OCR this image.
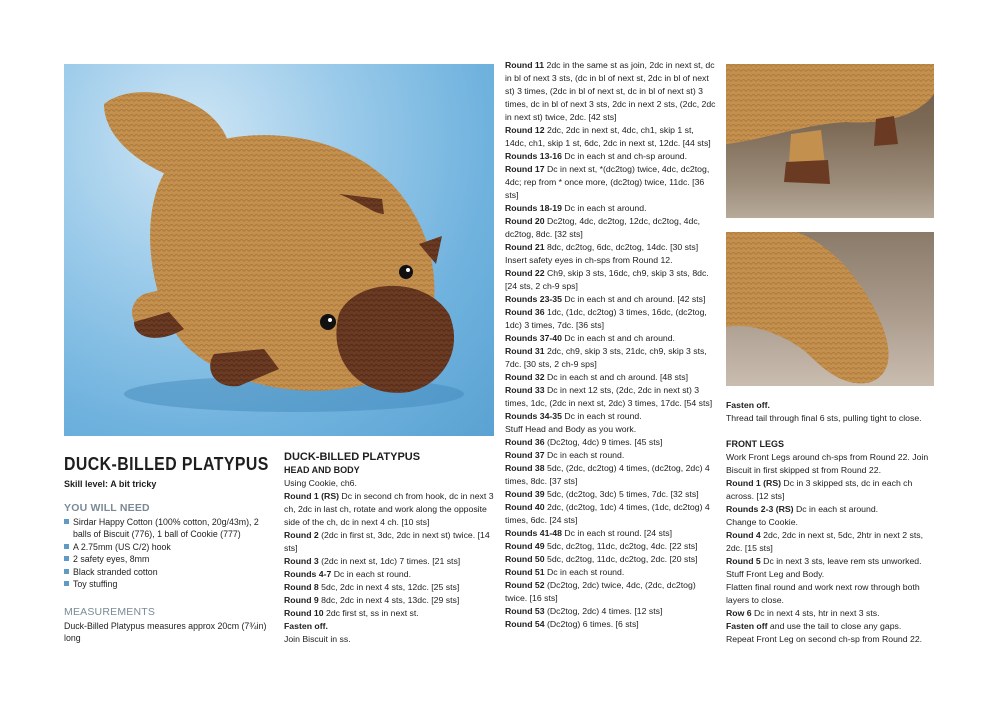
DUCK-BILLED PLATYPUS
Skill level: A bit tricky
YOU WILL NEED
Sirdar Happy Cotton (100% cotton, 20g/43m), 2 balls of Biscuit (776), 1 ball of Cookie (777)
A 2.75mm (US C/2) hook
2 safety eyes, 8mm
Black stranded cotton
Toy stuffing
MEASUREMENTS
Duck-Billed Platypus measures approx 20cm (7¾in) long
DUCK-BILLED PLATYPUS
HEAD AND BODY

Using Cookie, ch6.

Round 1 (RS) Dc in second ch from hook, dc in next 3 ch, 2dc in last ch, rotate and work along the opposite side of the ch, dc in next 4 ch. [10 sts]

Round 2 (2dc in first st, 3dc, 2dc in next st) twice. [14 sts]

Round 3 (2dc in next st, 1dc) 7 times. [21 sts]

Rounds 4-7 Dc in each st round.

Round 8 5dc, 2dc in next 4 sts, 12dc. [25 sts]

Round 9 8dc, 2dc in next 4 sts, 13dc. [29 sts]

Round 10 2dc first st, ss in next st.

Fasten off.

Join Biscuit in ss.

Round 11 2dc in the same st as join, 2dc in next st, dc in bl of next 3 sts, (dc in bl of next st, 2dc in bl of next st) 3 times, (2dc in bl of next st, dc in bl of next st) 3 times, dc in bl of next 3 sts, 2dc in next 2 sts, (2dc, 2dc in next st) twice, 2dc. [42 sts]

Round 12 2dc, 2dc in next st, 4dc, ch1, skip 1 st, 14dc, ch1, skip 1 st, 6dc, 2dc in next st, 12dc. [44 sts]

Rounds 13-16 Dc in each st and ch-sp around.

Round 17 Dc in next st, *(dc2tog) twice, 4dc, dc2tog, 4dc; rep from * once more, (dc2tog) twice, 11dc. [36 sts]

Rounds 18-19 Dc in each st around.

Round 20 Dc2tog, 4dc, dc2tog, 12dc, dc2tog, 4dc, dc2tog, 8dc. [32 sts]

Round 21 8dc, dc2tog, 6dc, dc2tog, 14dc. [30 sts]

Insert safety eyes in ch-sps from Round 12.

Round 22 Ch9, skip 3 sts, 16dc, ch9, skip 3 sts, 8dc. [24 sts, 2 ch-9 sps]

Rounds 23-35 Dc in each st and ch around. [42 sts]

Round 36 1dc, (1dc, dc2tog) 3 times, 16dc, (dc2tog, 1dc) 3 times, 7dc. [36 sts]

Rounds 37-40 Dc in each st and ch around.

Round 31 2dc, ch9, skip 3 sts, 21dc, ch9, skip 3 sts, 7dc. [30 sts, 2 ch-9 sps]

Round 32 Dc in each st and ch around. [48 sts]

Round 33 Dc in next 12 sts, (2dc, 2dc in next st) 3 times, 1dc, (2dc in next st, 2dc) 3 times, 17dc. [54 sts]

Rounds 34-35 Dc in each st round.

Stuff Head and Body as you work.

Round 36 (Dc2tog, 4dc) 9 times. [45 sts]

Round 37 Dc in each st round.

Round 38 5dc, (2dc, dc2tog) 4 times, (dc2tog, 2dc) 4 times, 8dc. [37 sts]

Round 39 5dc, (dc2tog, 3dc) 5 times, 7dc. [32 sts]

Round 40 2dc, (dc2tog, 1dc) 4 times, (1dc, dc2tog) 4 times, 6dc. [24 sts]

Rounds 41-48 Dc in each st round. [24 sts]

Round 49 5dc, dc2tog, 11dc, dc2tog, 4dc. [22 sts]

Round 50 5dc, dc2tog, 11dc, dc2tog, 2dc. [20 sts]

Round 51 Dc in each st round.

Round 52 (Dc2tog, 2dc) twice, 4dc, (2dc, dc2tog) twice. [16 sts]

Round 53 (Dc2tog, 2dc) 4 times. [12 sts]

Round 54 (Dc2tog) 6 times. [6 sts]

Fasten off.

Thread tail through final 6 sts, pulling tight to close.

FRONT LEGS

Work Front Legs around ch-sps from Round 22. Join Biscuit in first skipped st from Round 22.

Round 1 (RS) Dc in 3 skipped sts, dc in each ch across. [12 sts]

Rounds 2-3 (RS) Dc in each st around.

Change to Cookie.

Round 4 2dc, 2dc in next st, 5dc, 2htr in next 2 sts, 2dc. [15 sts]

Round 5 Dc in next 3 sts, leave rem sts unworked.

Stuff Front Leg and Body.

Flatten final round and work next row through both layers to close.

Row 6 Dc in next 4 sts, htr in next 3 sts.

Fasten off and use the tail to close any gaps.

Repeat Front Leg on second ch-sp from Round 22.
